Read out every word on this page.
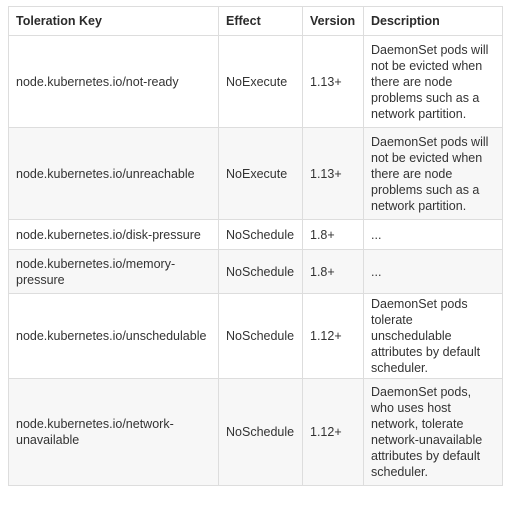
Toleration Key	Effect	Version	Description
node.kubernetes.io/not-ready	NoExecute	1.13+	DaemonSet pods will not be evicted when there are node problems such as a network partition.
node.kubernetes.io/unreachable	NoExecute	1.13+	DaemonSet pods will not be evicted when there are node problems such as a network partition.
node.kubernetes.io/disk-pressure	NoSchedule	1.8+	...
node.kubernetes.io/memory-pressure	NoSchedule	1.8+	...
node.kubernetes.io/unschedulable	NoSchedule	1.12+	DaemonSet pods tolerate unschedulable attributes by default scheduler.
node.kubernetes.io/network-unavailable	NoSchedule	1.12+	DaemonSet pods, who uses host network, tolerate network-unavailable attributes by default scheduler.
